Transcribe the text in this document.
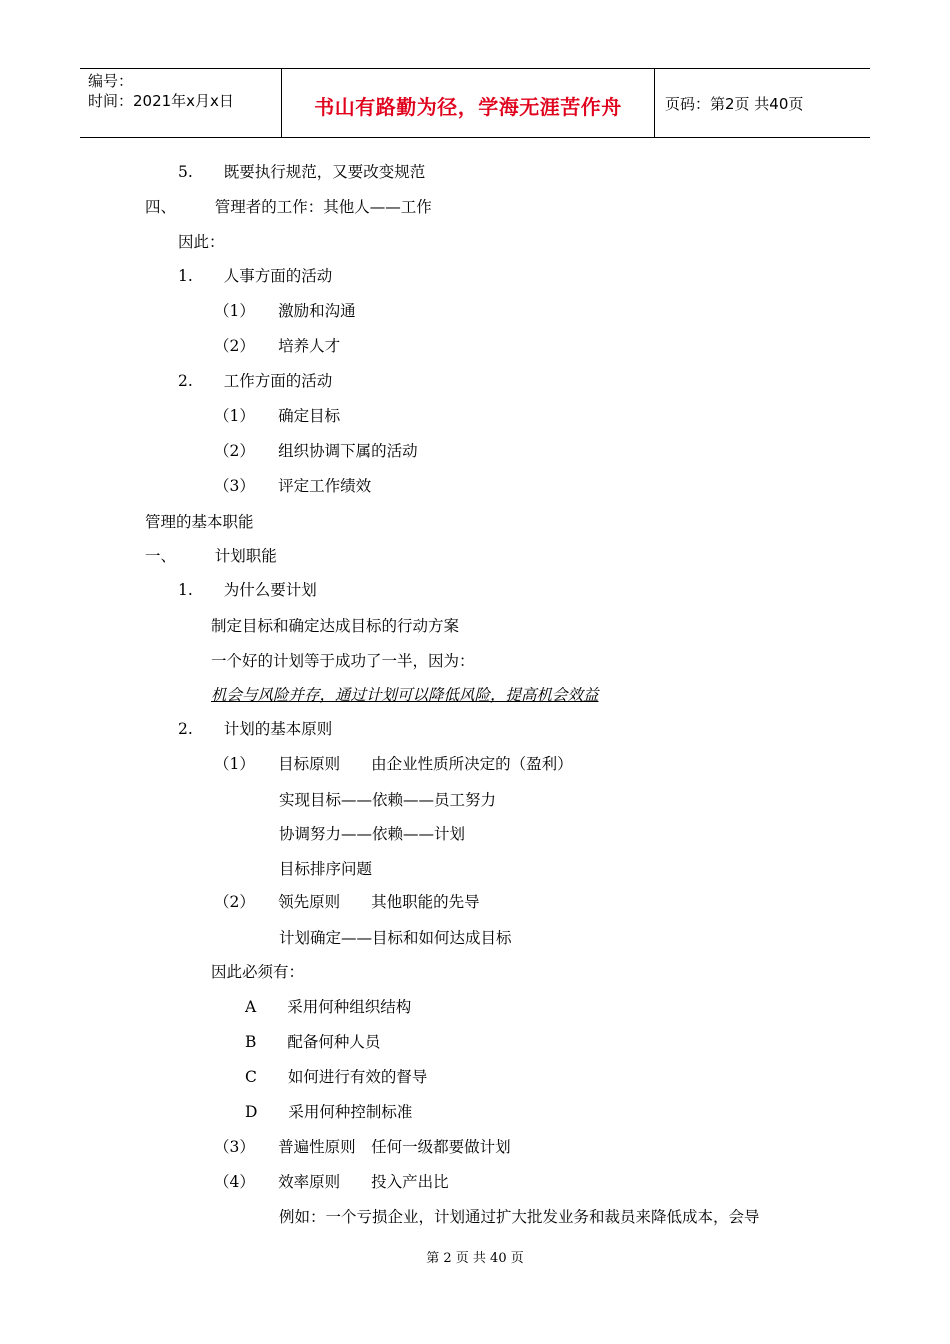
编号：
时间：2021年x月x日	书山有路勤为径，学海无涯苦作舟	页码：第2页 共40页
5.　　既要执行规范，又要改变规范
四、　　　管理者的工作：其他人——工作
因此：
1.　　人事方面的活动
（1）　　激励和沟通
（2）　　培养人才
2.　　工作方面的活动
（1）　　确定目标
（2）　　组织协调下属的活动
（3）　　评定工作绩效
管理的基本职能
一、　　　计划职能
1.　　为什么要计划
制定目标和确定达成目标的行动方案
一个好的计划等于成功了一半，因为：
机会与风险并存，通过计划可以降低风险，提高机会效益
2.　　计划的基本原则
（1）　　目标原则　　由企业性质所决定的（盈利）
实现目标——依赖——员工努力
协调努力——依赖——计划
目标排序问题
（2）　　领先原则　　其他职能的先导
计划确定——目标和如何达成目标
因此必须有：
A　　采用何种组织结构
B　　配备何种人员
C　　如何进行有效的督导
D　　采用何种控制标准
（3）　　普遍性原则　任何一级都要做计划
（4）　　效率原则　　投入产出比
例如：一个亏损企业，计划通过扩大批发业务和裁员来降低成本，会导
第 2 页 共 40 页
